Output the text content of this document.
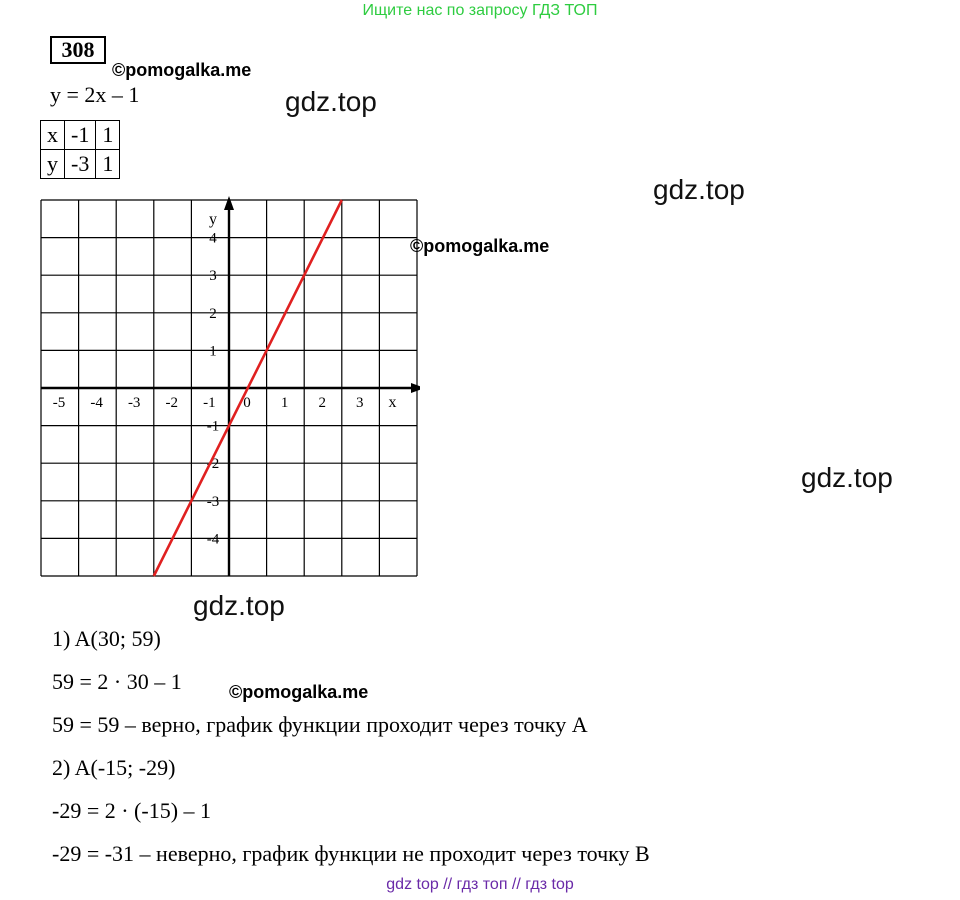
Ищите нас по запросу ГДЗ ТОП
308
©pomogalka.me
y = 2x – 1	gdz.top
x	-1	1
y	-3	1
gdz.top
x
y
-5 -4 -3 -2 -1 0 1 2 3
4
3
2
1
-1
-2
-3
-4
©pomogalka.me
gdz.top
gdz.top
1) A(30; 59)
59 = 2 · 30 – 1	©pomogalka.me
59 = 59 – верно, график функции проходит через точку A
2) A(-15; -29)
-29 = 2 · (-15) – 1
-29 = -31 – неверно, график функции не проходит через точку B
gdz top // гдз топ // гдз top
